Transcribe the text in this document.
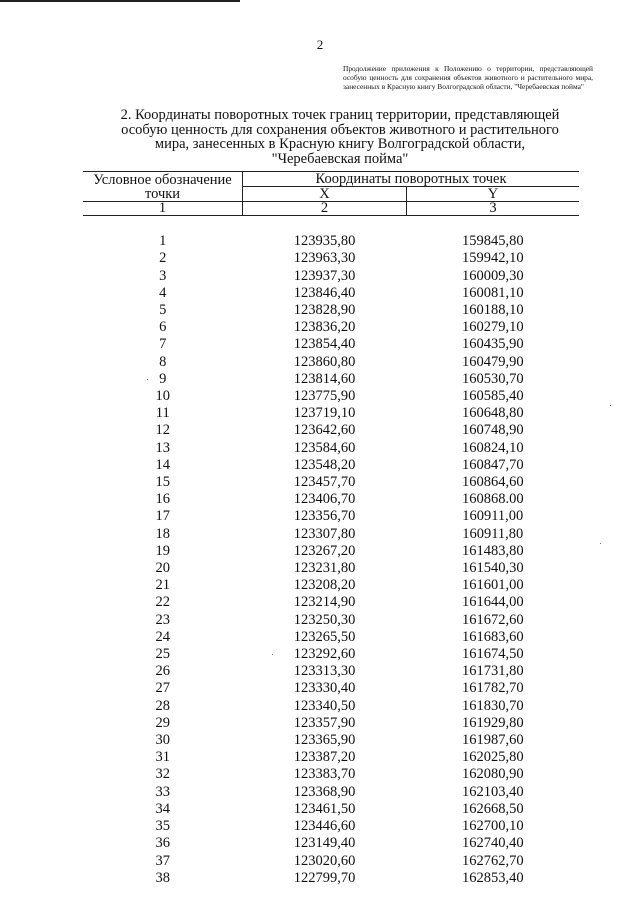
2
Продолжение приложения к Положению о территории, представляющей особую ценность для сохранения объектов животного и растительного мира, занесенных в Красную книгу Волгоградской области, "Черебаевская пойма"
2. Координаты поворотных точек границ территории, представляющей
особую ценность для сохранения объектов животного и растительного
мира, занесенных в Красную книгу Волгоградской области,
"Черебаевская пойма"
Условное обозначение точки	Координаты поворотных точек	
	X	Y
1	2	3

1	123935,80	159845,80
2	123963,30	159942,10
3	123937,30	160009,30
4	123846,40	160081,10
5	123828,90	160188,10
6	123836,20	160279,10
7	123854,40	160435,90
8	123860,80	160479,90
9	123814,60	160530,70
10	123775,90	160585,40
11	123719,10	160648,80
12	123642,60	160748,90
13	123584,60	160824,10
14	123548,20	160847,70
15	123457,70	160864,60
16	123406,70	160868.00
17	123356,70	160911,00
18	123307,80	160911,80
19	123267,20	161483,80
20	123231,80	161540,30
21	123208,20	161601,00
22	123214,90	161644,00
23	123250,30	161672,60
24	123265,50	161683,60
25	123292,60	161674,50
26	123313,30	161731,80
27	123330,40	161782,70
28	123340,50	161830,70
29	123357,90	161929,80
30	123365,90	161987,60
31	123387,20	162025,80
32	123383,70	162080,90
33	123368,90	162103,40
34	123461,50	162668,50
35	123446,60	162700,10
36	123149,40	162740,40
37	123020,60	162762,70
38	122799,70	162853,40
